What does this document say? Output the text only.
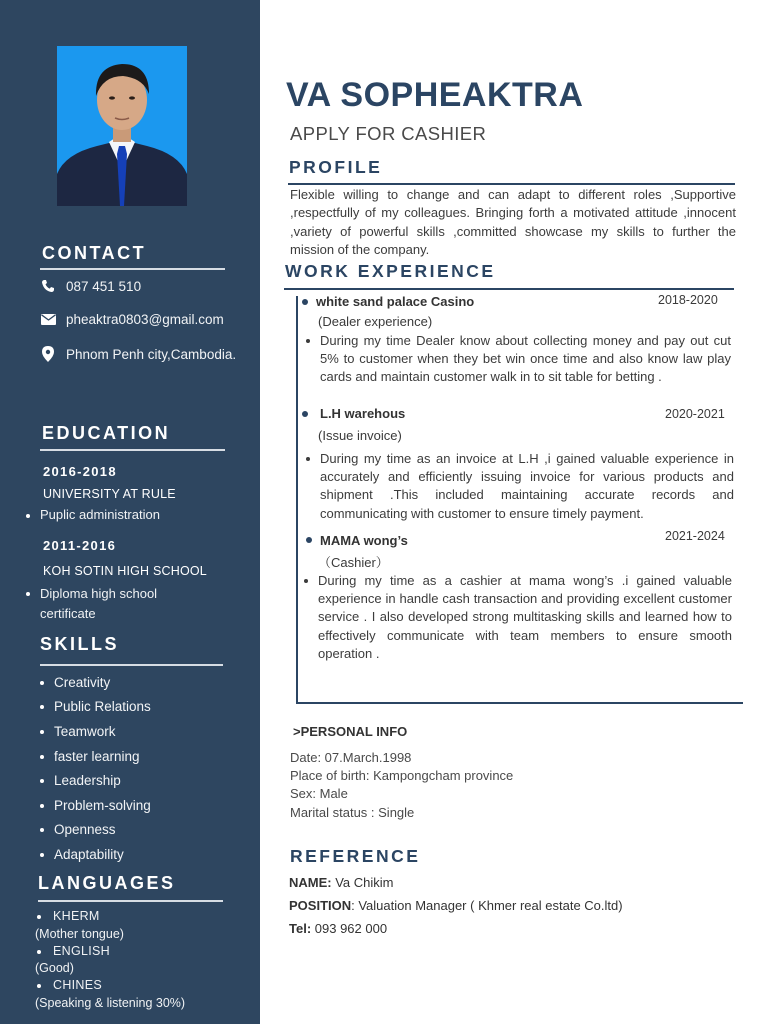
CONTACT
087 451 510
pheaktra0803@gmail.com
Phnom Penh city,Cambodia.
EDUCATION
2016-2018
UNIVERSITY AT RULE
Puplic administration
2011-2016
KOH SOTIN HIGH SCHOOL
Diploma high school certificate
SKILLS
Creativity
Public Relations
Teamwork
faster learning
Leadership
Problem-solving
Openness
Adaptability
LANGUAGES
KHERM
(Mother tongue)
ENGLISH
(Good)
CHINES
(Speaking & listening 30%)
VA SOPHEAKTRA
APPLY FOR CASHIER
PROFILE
Flexible willing to change and can adapt to different roles ,Supportive ,respectfully of my colleagues. Bringing forth a motivated attitude ,innocent ,variety of powerful skills ,committed showcase my skills to further the mission of the company.
WORK EXPERIENCE
white sand palace Casino	2018-2020
(Dealer experience)
During my time Dealer know about collecting money and pay out cut 5% to customer when they bet win once time and also know law play cards and maintain customer walk in to sit table for betting .
L.H warehous	2020-2021
(Issue invoice)
During my time as an invoice at L.H ,i gained valuable experience in accurately and efficiently issuing invoice for various products and shipment .This included maintaining accurate records and communicating with customer to ensure timely payment.
MAMA wong’s	2021-2024
（Cashier）
During my time as a cashier at mama wong’s .i gained valuable experience in handle cash transaction and providing excellent customer service . I also developed strong multitasking skills and learned how to effectively communicate with team members to ensure smooth operation .
>PERSONAL INFO
Date: 07.March.1998
Place of birth: Kampongcham province
Sex: Male
Marital status : Single
REFERENCE
NAME: Va Chikim
POSITION: Valuation Manager ( Khmer real estate Co.ltd)
Tel: 093 962 000
